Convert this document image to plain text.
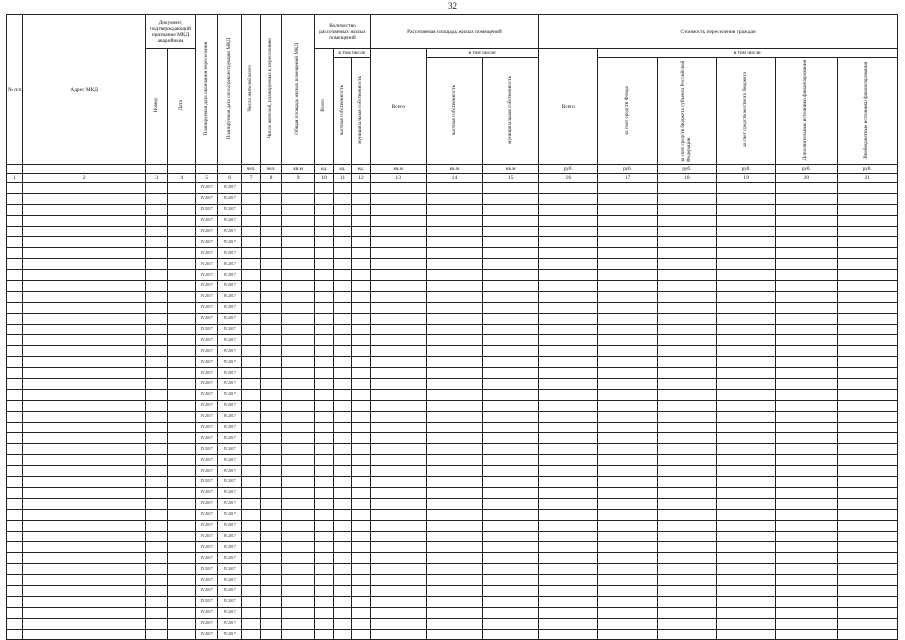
32
№ п/п	Адрес МКД	Документ, подтверждающий признание МКД аварийным		Планируемая дата окончания переселения	Планируемая дата сноса/реконструкции МКД	Число жителей всего	Число жителей, планируемых к переселению	Общая площадь жилых помещений МКД	Количество расселяемых жилых помещений			Расселяемая площадь жилых помещений			Стоимость переселения граждан					
		Номер	Дата						Всего	в том числе		Всего	в том числе:		Всего	в том числе:				
										частная собственность	муниципальная собственность		частная собственность	муниципальная собственность		за счет средств Фонда	за счет средств бюджета субъекта Российской Федерации	за счет средств местного бюджета	Дополнительные источники финансирования	Внебюджетные источники финансирования
						чел.	чел.	кв.м	ед.	ед.	ед.	кв.м	кв.м	кв.м	руб.	руб.	руб.	руб.	руб.	руб.
1	2	3	4	5	6	7	8	9	10	11	12	13	14	15	16	17	18	19	20	21
				IV.2017	IV.2017															
				IV.2017	IV.2017															
				IV.2017	IV.2017															
				IV.2017	IV.2017															
				IV.2017	IV.2017															
				IV.2017	IV.2017															
				IV.2017	IV.2017															
				IV.2017	IV.2017															
				IV.2017	IV.2017															
				IV.2017	IV.2017															
				IV.2017	IV.2017															
				IV.2017	IV.2017															
				IV.2017	IV.2017															
				IV.2017	IV.2017															
				IV.2017	IV.2017															
				IV.2017	IV.2017															
				IV.2017	IV.2017															
				IV.2017	IV.2017															
				IV.2017	IV.2017															
				IV.2017	IV.2017															
				IV.2017	IV.2017															
				IV.2017	IV.2017															
				IV.2017	IV.2017															
				IV.2017	IV.2017															
				IV.2017	IV.2017															
				IV.2017	IV.2017															
				IV.2017	IV.2017															
				IV.2017	IV.2017															
				IV.2017	IV.2017															
				IV.2017	IV.2017															
				IV.2017	IV.2017															
				IV.2017	IV.2017															
				IV.2017	IV.2017															
				IV.2017	IV.2017															
				IV.2017	IV.2017															
				IV.2017	IV.2017															
				IV.2017	IV.2017															
				IV.2017	IV.2017															
				IV.2017	IV.2017															
				IV.2017	IV.2017															
				IV.2017	IV.2017															
				IV.2017	IV.2017															
